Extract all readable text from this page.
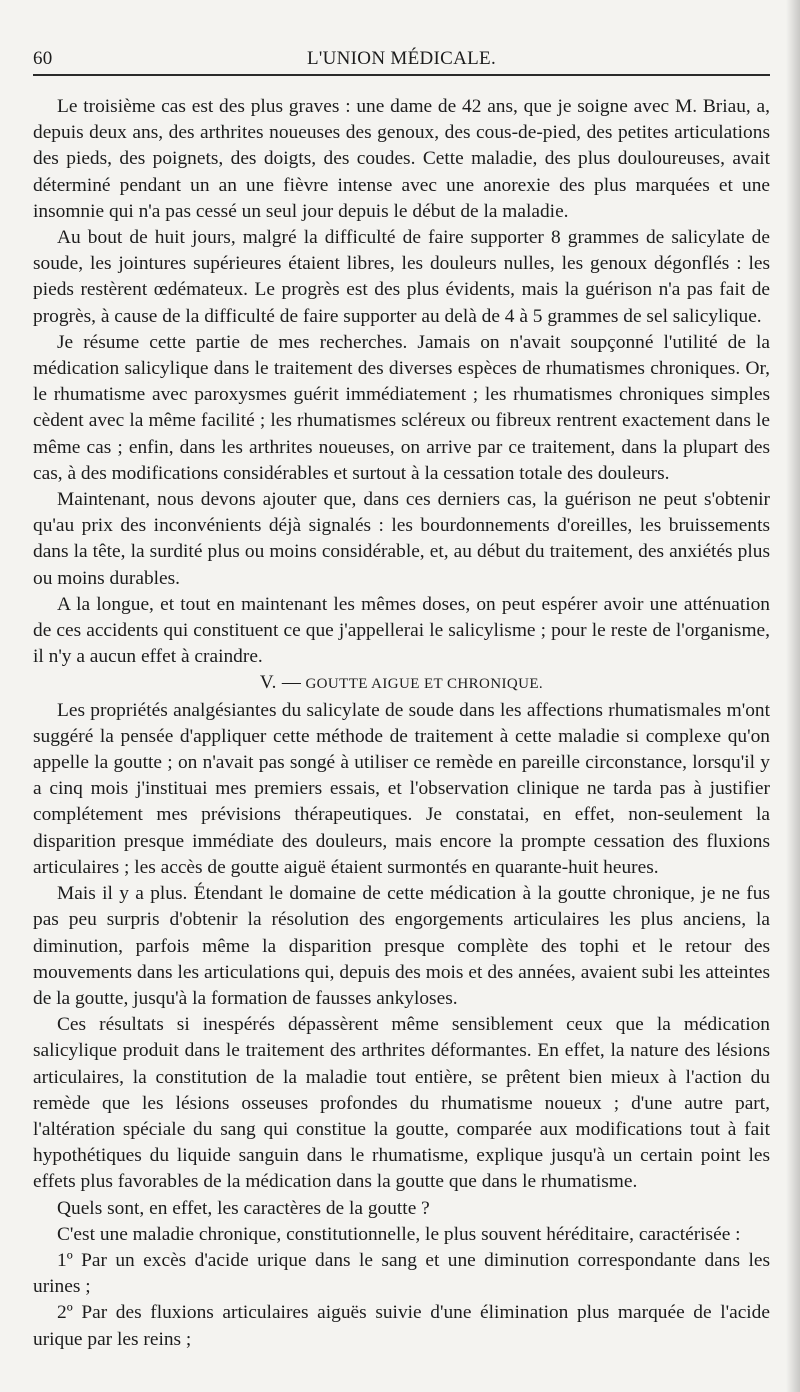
60	L'UNION MÉDICALE.

Le troisième cas est des plus graves : une dame de 42 ans, que je soigne avec M. Briau, a, depuis deux ans, des arthrites noueuses des genoux, des cous-de-pied, des petites articulations des pieds, des poignets, des doigts, des coudes. Cette maladie, des plus douloureuses, avait déterminé pendant un an une fièvre intense avec une anorexie des plus marquées et une insomnie qui n'a pas cessé un seul jour depuis le début de la maladie.

Au bout de huit jours, malgré la difficulté de faire supporter 8 grammes de salicylate de soude, les jointures supérieures étaient libres, les douleurs nulles, les genoux dégonflés : les pieds restèrent œdémateux. Le progrès est des plus évidents, mais la guérison n'a pas fait de progrès, à cause de la difficulté de faire supporter au delà de 4 à 5 grammes de sel salicylique.

Je résume cette partie de mes recherches. Jamais on n'avait soupçonné l'utilité de la médication salicylique dans le traitement des diverses espèces de rhumatismes chroniques. Or, le rhumatisme avec paroxysmes guérit immédiatement ; les rhumatismes chroniques simples cèdent avec la même facilité ; les rhumatismes scléreux ou fibreux rentrent exactement dans le même cas ; enfin, dans les arthrites noueuses, on arrive par ce traitement, dans la plupart des cas, à des modifications considérables et surtout à la cessation totale des douleurs.

Maintenant, nous devons ajouter que, dans ces derniers cas, la guérison ne peut s'obtenir qu'au prix des inconvénients déjà signalés : les bourdonnements d'oreilles, les bruissements dans la tête, la surdité plus ou moins considérable, et, au début du traitement, des anxiétés plus ou moins durables.

A la longue, et tout en maintenant les mêmes doses, on peut espérer avoir une atténuation de ces accidents qui constituent ce que j'appellerai le salicylisme ; pour le reste de l'organisme, il n'y a aucun effet à craindre.

V. — GOUTTE AIGUE ET CHRONIQUE.

Les propriétés analgésiantes du salicylate de soude dans les affections rhumatismales m'ont suggéré la pensée d'appliquer cette méthode de traitement à cette maladie si complexe qu'on appelle la goutte ; on n'avait pas songé à utiliser ce remède en pareille circonstance, lorsqu'il y a cinq mois j'instituai mes premiers essais, et l'observation clinique ne tarda pas à justifier complétement mes prévisions thérapeutiques. Je constatai, en effet, non-seulement la disparition presque immédiate des douleurs, mais encore la prompte cessation des fluxions articulaires ; les accès de goutte aiguë étaient surmontés en quarante-huit heures.

Mais il y a plus. Étendant le domaine de cette médication à la goutte chronique, je ne fus pas peu surpris d'obtenir la résolution des engorgements articulaires les plus anciens, la diminution, parfois même la disparition presque complète des tophi et le retour des mouvements dans les articulations qui, depuis des mois et des années, avaient subi les atteintes de la goutte, jusqu'à la formation de fausses ankyloses.

Ces résultats si inespérés dépassèrent même sensiblement ceux que la médication salicylique produit dans le traitement des arthrites déformantes. En effet, la nature des lésions articulaires, la constitution de la maladie tout entière, se prêtent bien mieux à l'action du remède que les lésions osseuses profondes du rhumatisme noueux ; d'une autre part, l'altération spéciale du sang qui constitue la goutte, comparée aux modifications tout à fait hypothétiques du liquide sanguin dans le rhumatisme, explique jusqu'à un certain point les effets plus favorables de la médication dans la goutte que dans le rhumatisme.

Quels sont, en effet, les caractères de la goutte ?

C'est une maladie chronique, constitutionnelle, le plus souvent héréditaire, caractérisée :

1º Par un excès d'acide urique dans le sang et une diminution correspondante dans les urines ;

2º Par des fluxions articulaires aiguës suivie d'une élimination plus marquée de l'acide urique par les reins ;
